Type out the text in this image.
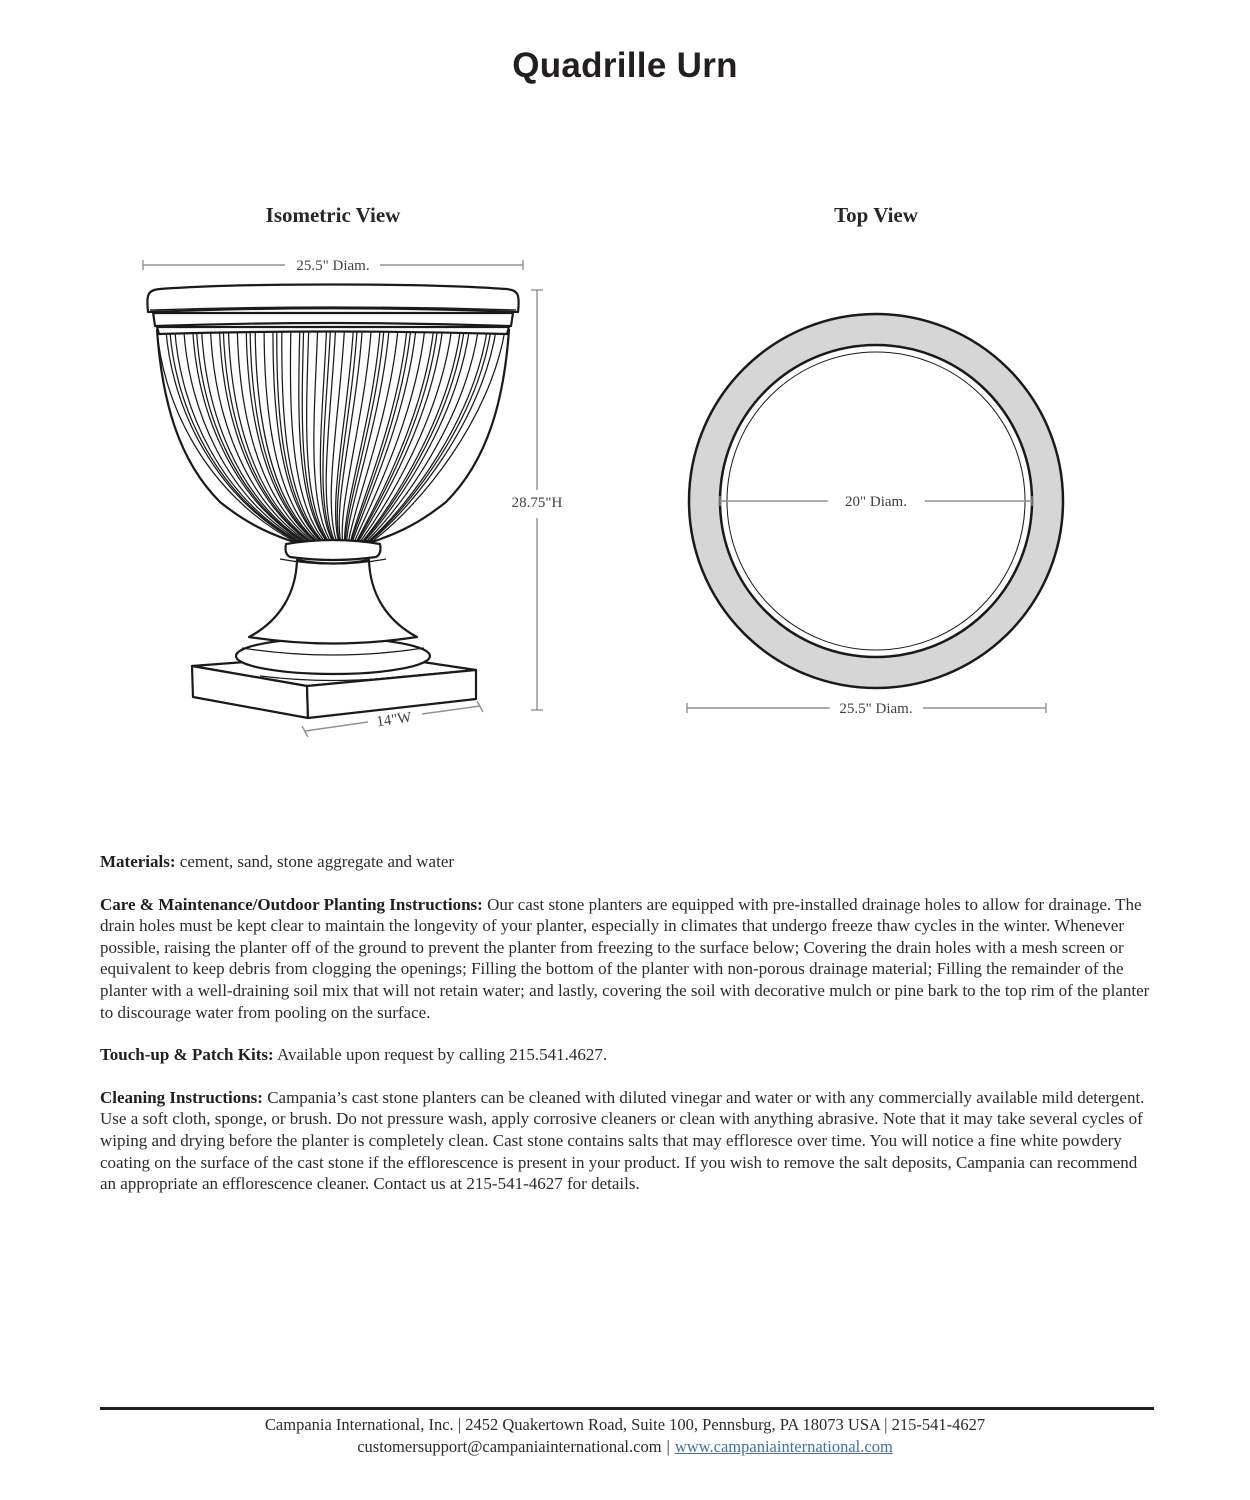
Quadrille Urn
Isometric View	Top View
25.5" Diam.
28.75"H
14"W
20" Diam.
25.5" Diam.

Materials: cement, sand, stone aggregate and water

Care & Maintenance/Outdoor Planting Instructions: Our cast stone planters are equipped with pre-installed drainage holes to allow for drainage. The drain holes must be kept clear to maintain the longevity of your planter, especially in climates that undergo freeze thaw cycles in the winter. Whenever possible, raising the planter off of the ground to prevent the planter from freezing to the surface below; Covering the drain holes with a mesh screen or equivalent to keep debris from clogging the openings; Filling the bottom of the planter with non-porous drainage material; Filling the remainder of the planter with a well-draining soil mix that will not retain water; and lastly, covering the soil with decorative mulch or pine bark to the top rim of the planter to discourage water from pooling on the surface.

Touch-up & Patch Kits: Available upon request by calling 215.541.4627.

Cleaning Instructions: Campania’s cast stone planters can be cleaned with diluted vinegar and water or with any commercially available mild detergent. Use a soft cloth, sponge, or brush. Do not pressure wash, apply corrosive cleaners or clean with anything abrasive. Note that it may take several cycles of wiping and drying before the planter is completely clean. Cast stone contains salts that may effloresce over time. You will notice a fine white powdery coating on the surface of the cast stone if the efflorescence is present in your product. If you wish to remove the salt deposits, Campania can recommend an appropriate an efflorescence cleaner. Contact us at 215-541-4627 for details.

Campania International, Inc. | 2452 Quakertown Road, Suite 100, Pennsburg, PA 18073 USA | 215-541-4627
customersupport@campaniainternational.com | www.campaniainternational.com
